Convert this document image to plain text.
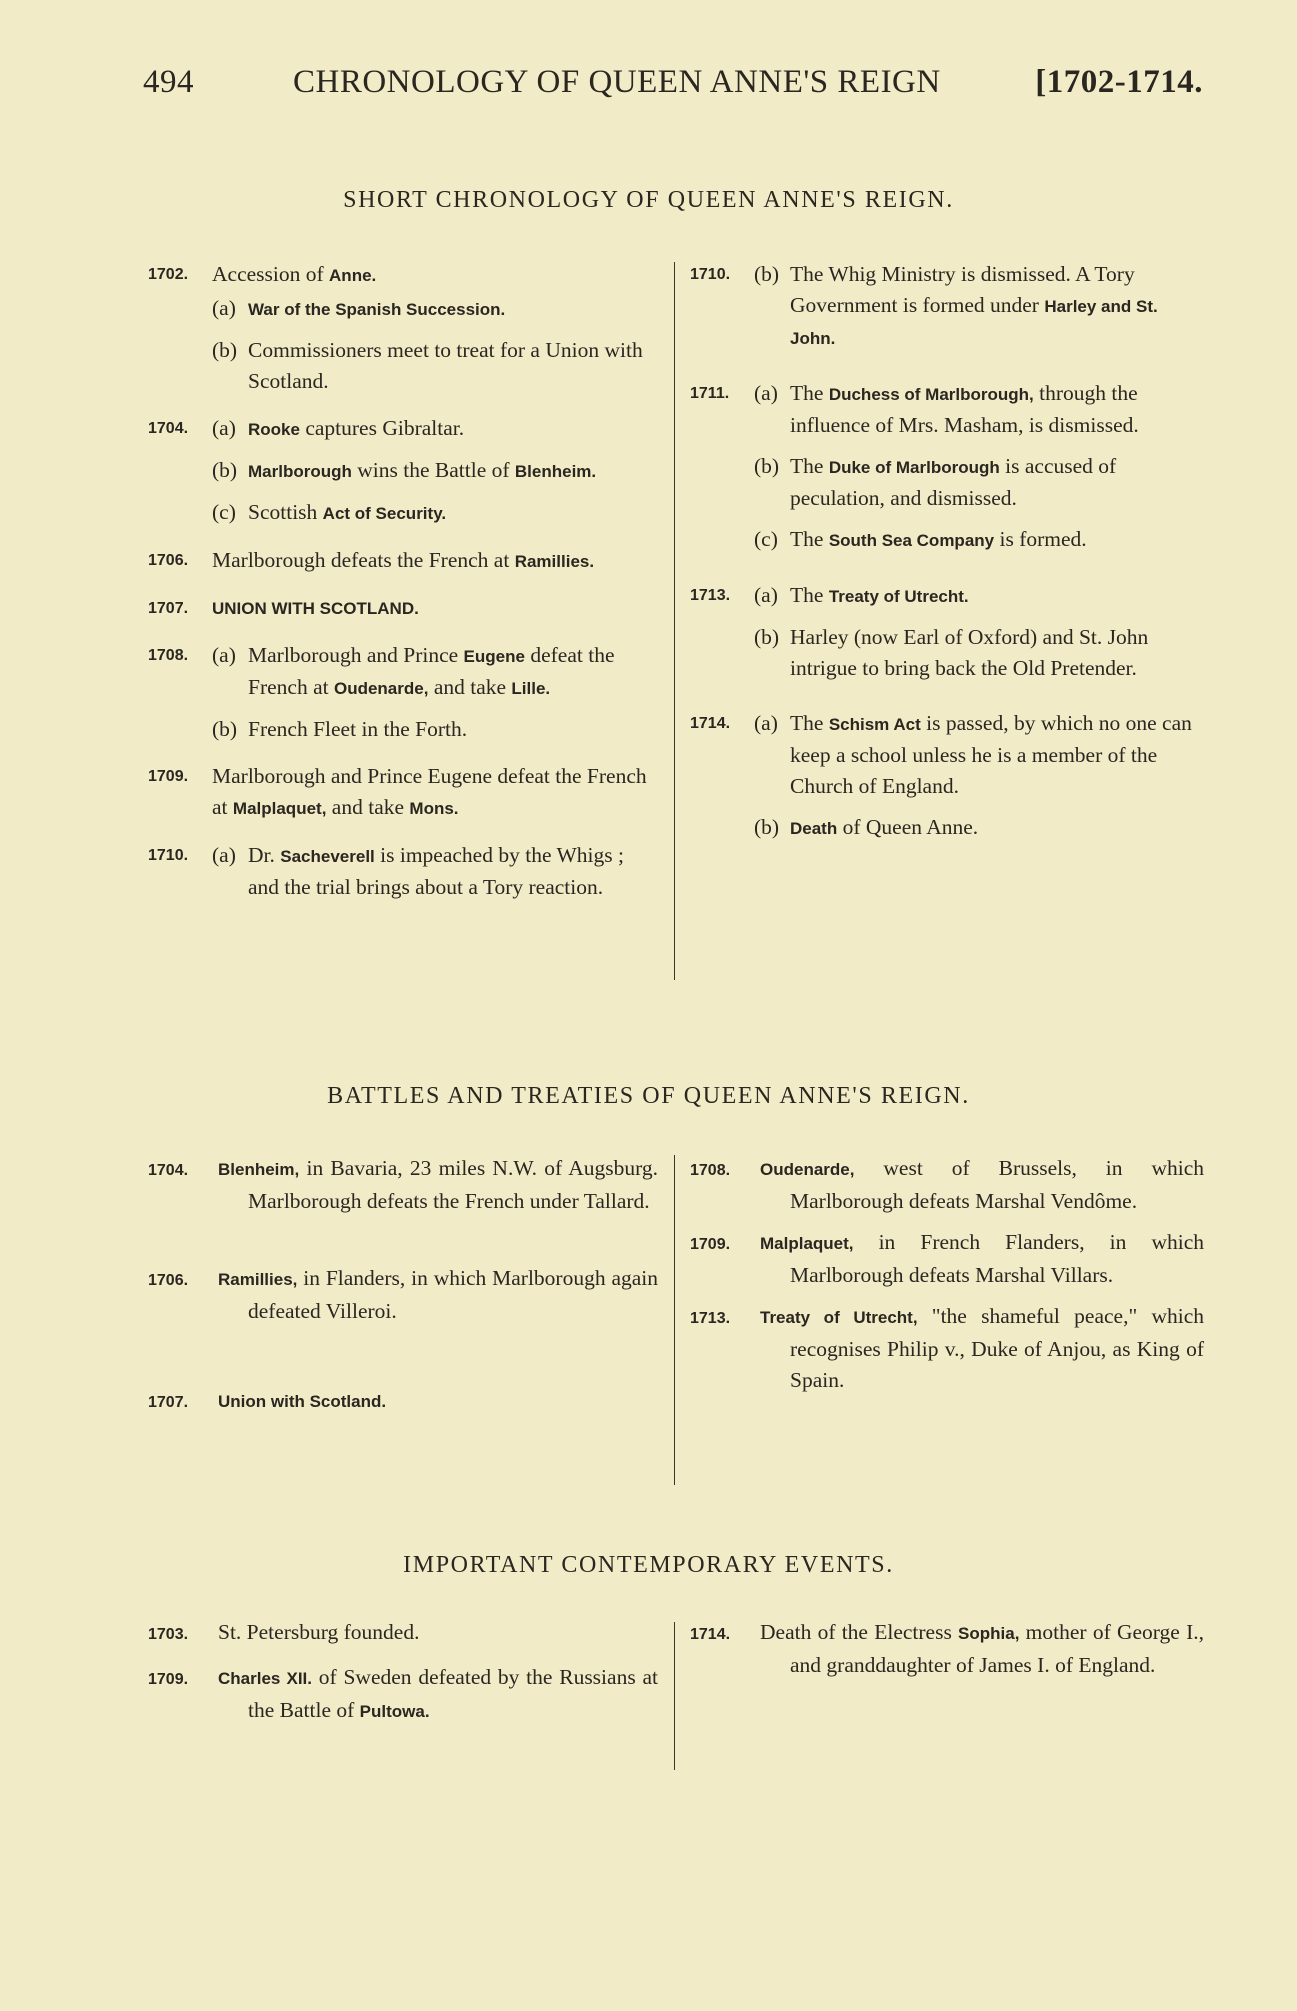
494	CHRONOLOGY OF QUEEN ANNE'S REIGN	[1702-1714.
SHORT CHRONOLOGY OF QUEEN ANNE'S REIGN.
1702. Accession of Anne.
(a) War of the Spanish Succession.
(b) Commissioners meet to treat for a Union with Scotland.
1704. (a) Rooke captures Gibraltar.
(b) Marlborough wins the Battle of Blenheim.
(c) Scottish Act of Security.
1706. Marlborough defeats the French at Ramillies.
1707. UNION WITH SCOTLAND.
1708. (a) Marlborough and Prince Eugene defeat the French at Oudenarde, and take Lille.
(b) French Fleet in the Forth.
1709. Marlborough and Prince Eugene defeat the French at Malplaquet, and take Mons.
1710. (a) Dr. Sacheverell is impeached by the Whigs ; and the trial brings about a Tory reaction.
1710. (b) The Whig Ministry is dismissed. A Tory Government is formed under Harley and St. John.
1711. (a) The Duchess of Marlborough, through the influence of Mrs. Masham, is dismissed.
(b) The Duke of Marlborough is accused of peculation, and dismissed.
(c) The South Sea Company is formed.
1713. (a) The Treaty of Utrecht.
(b) Harley (now Earl of Oxford) and St. John intrigue to bring back the Old Pretender.
1714. (a) The Schism Act is passed, by which no one can keep a school unless he is a member of the Church of England.
(b) Death of Queen Anne.
BATTLES AND TREATIES OF QUEEN ANNE'S REIGN.
1704. Blenheim, in Bavaria, 23 miles N.W. of Augsburg. Marlborough defeats the French under Tallard.
1706. Ramillies, in Flanders, in which Marlborough again defeated Villeroi.
1707. Union with Scotland.
1708. Oudenarde, west of Brussels, in which Marlborough defeats Marshal Vendôme.
1709. Malplaquet, in French Flanders, in which Marlborough defeats Marshal Villars.
1713. Treaty of Utrecht, "the shameful peace," which recognises Philip v., Duke of Anjou, as King of Spain.
IMPORTANT CONTEMPORARY EVENTS.
1703. St. Petersburg founded.
1709. Charles XII. of Sweden defeated by the Russians at the Battle of Pultowa.
1714. Death of the Electress Sophia, mother of George I., and granddaughter of James I. of England.
